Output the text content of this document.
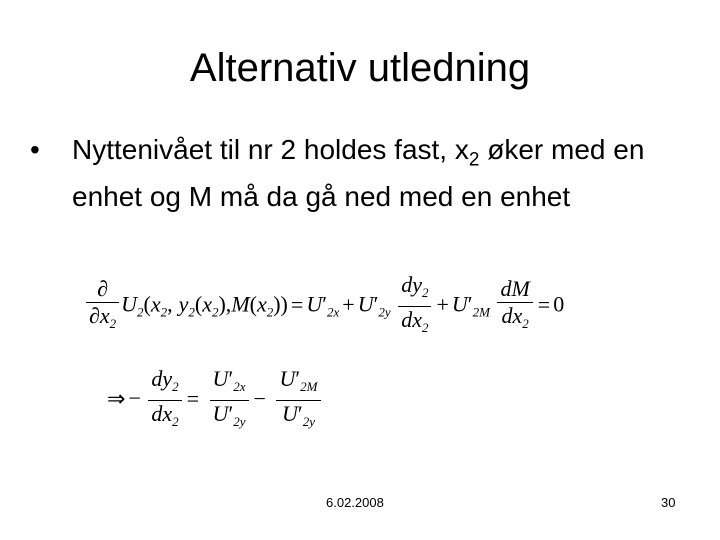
Alternativ utledning
• Nyttenivået til nr 2 holdes fast, $x_2$ øker med en enhet og M må da gå ned med en enhet
$\frac{\partial}{\partial x_2} U_2(x_2$, $y_2(x_2),M(x_2)) = U'_{2x} + U'_{2y} \frac{dy_2}{dx_2} + U'_{2M} \frac{dM}{dx_2} = 0$
⇒ − $\frac{dy_2}{dx_2} = \frac{U'_{2x}}{U'_{2y}} - \frac{U'_{2M}}{U'_{2y}}$
6.02.2008	30
